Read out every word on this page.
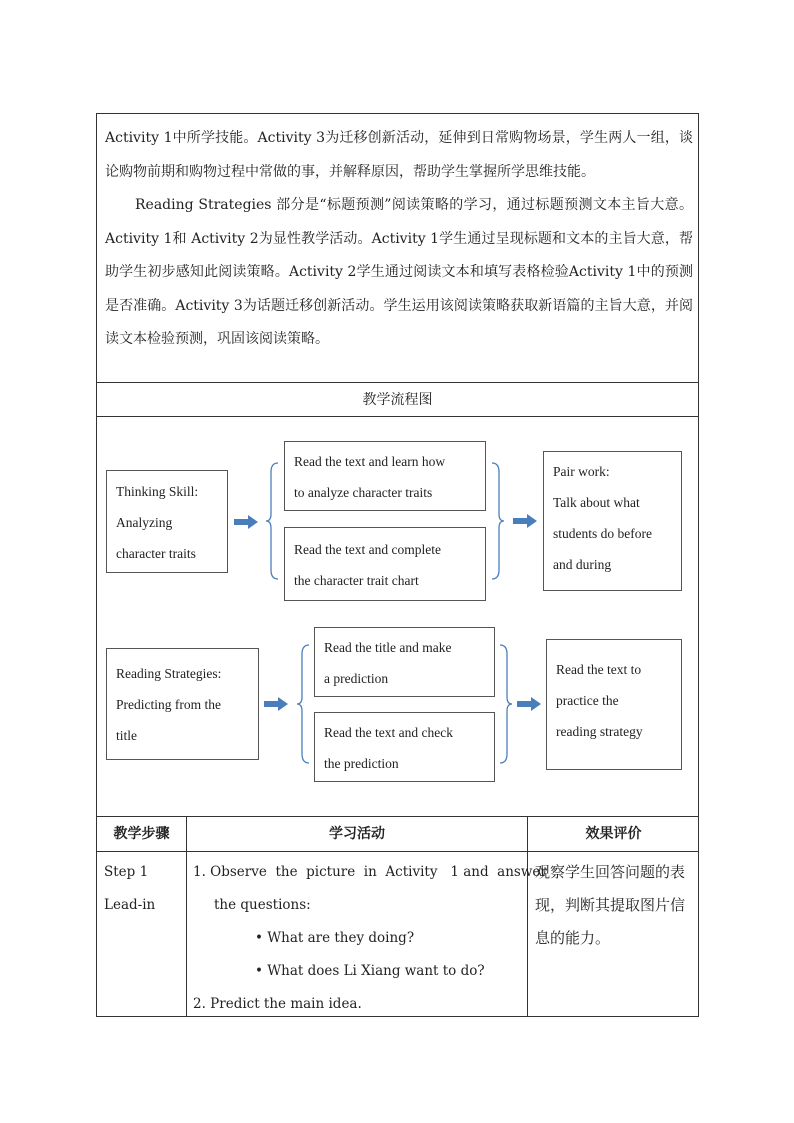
Activity 1中所学技能。Activity 3为迁移创新活动，延伸到日常购物场景，学生两人一组，谈论购物前期和购物过程中常做的事，并解释原因，帮助学生掌握所学思维技能。

Reading Strategies 部分是“标题预测”阅读策略的学习，通过标题预测文本主旨大意。Activity 1和 Activity 2为显性教学活动。Activity 1学生通过呈现标题和文本的主旨大意，帮助学生初步感知此阅读策略。Activity 2学生通过阅读文本和填写表格检验Activity 1中的预测是否准确。Activity 3为话题迁移创新活动。学生运用该阅读策略获取新语篇的主旨大意，并阅读文本检验预测，巩固该阅读策略。

教学流程图
Thinking Skill:
Analyzing
character traits
Read the text and learn how
to analyze character traits
Read the text and complete
the character trait chart
Pair work:
Talk about what
students do before
and during
Reading Strategies:
Predicting from the
title
Read the title and make
a prediction
Read the text and check
the prediction
Read the text to
practice the
reading strategy
教学步骤	学习活动	效果评价
Step 1
Lead-in
1. Observe  the  picture  in  Activity   1 and  answer
the questions:
• What are they doing?
• What does Li Xiang want to do?
2. Predict the main idea.
观察学生回答问题的表现，判断其提取图片信息的能力。
